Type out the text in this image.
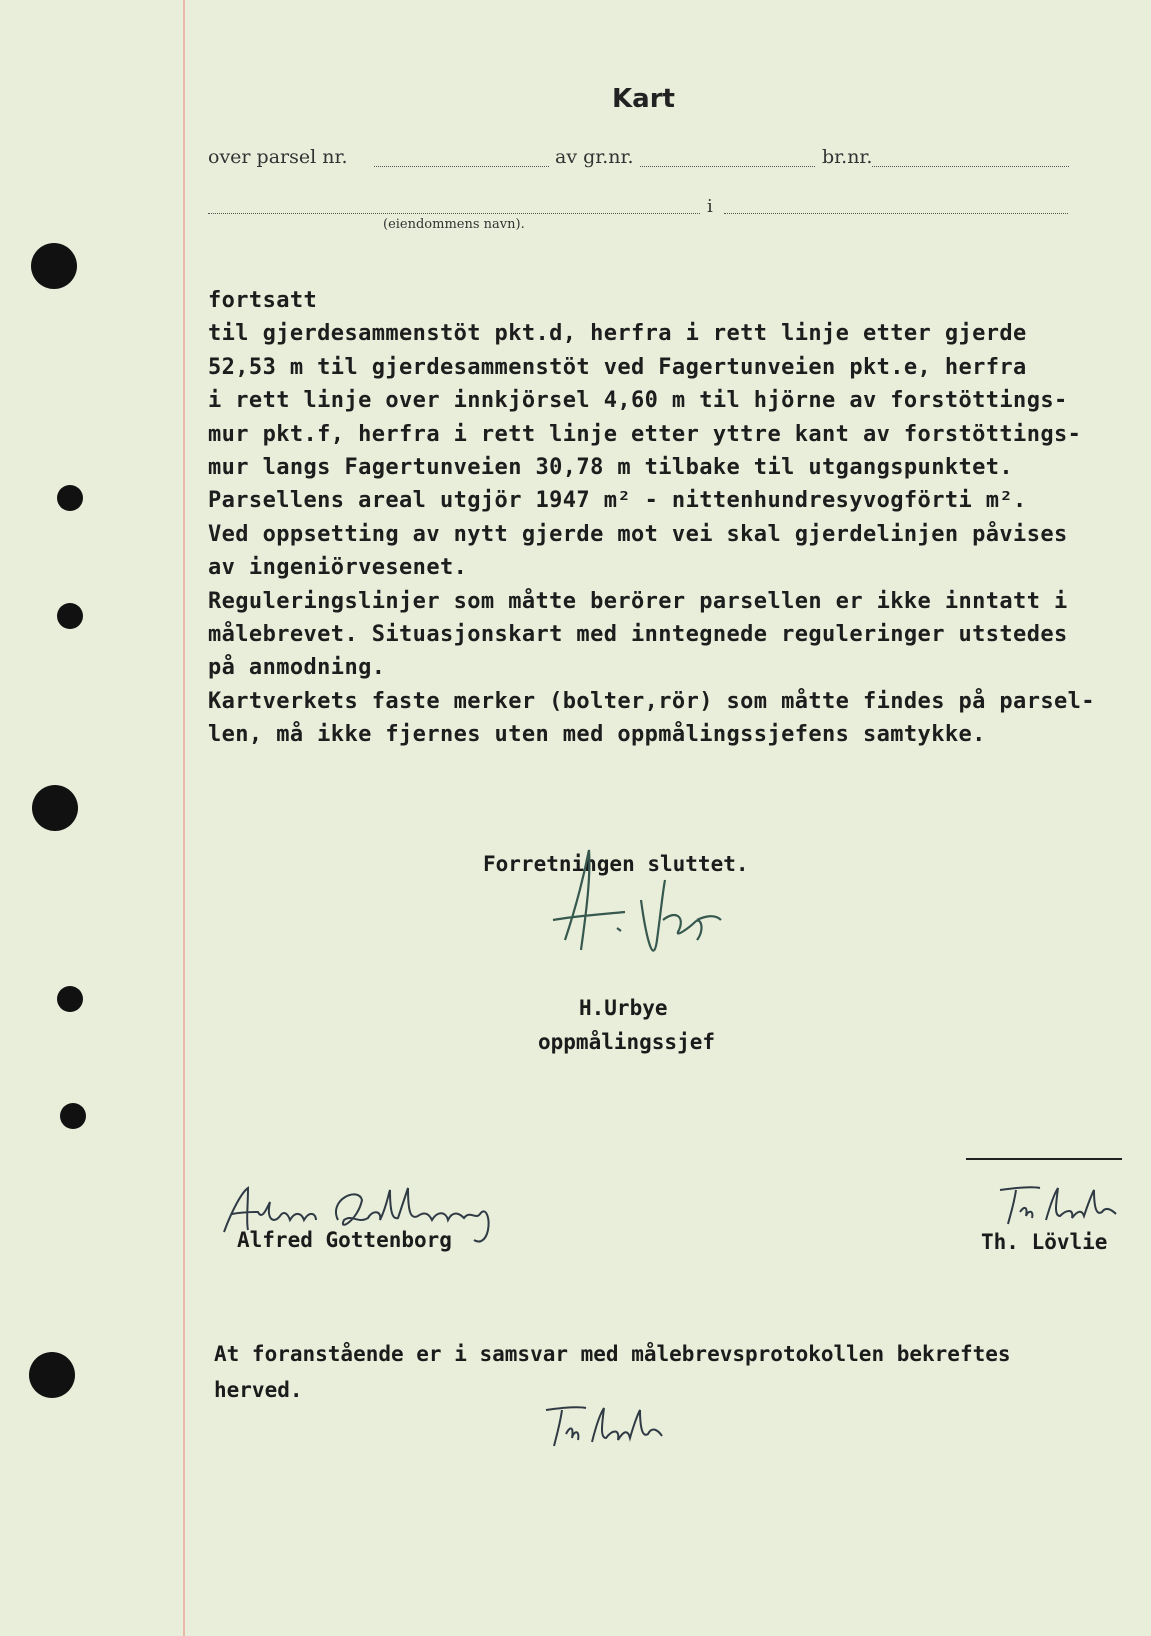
Kart
over parsel nr.	av gr.nr.	br.nr.
i
(eiendommens navn).
fortsatt
til gjerdesammenstöt pkt.d, herfra i rett linje etter gjerde
52,53 m til gjerdesammenstöt ved Fagertunveien pkt.e, herfra
i rett linje over innkjörsel 4,60 m til hjörne av forstöttings-
mur pkt.f, herfra i rett linje etter yttre kant av forstöttings-
mur langs Fagertunveien 30,78 m tilbake til utgangspunktet.
Parsellens areal utgjör 1947 m² - nittenhundresyvogförti m².
Ved oppsetting av nytt gjerde mot vei skal gjerdelinjen påvises
av ingeniörvesenet.
Reguleringslinjer som måtte berörer parsellen er ikke inntatt i
målebrevet. Situasjonskart med inntegnede reguleringer utstedes
på anmodning.
Kartverkets faste merker (bolter,rör) som måtte findes på parsel-
len, må ikke fjernes uten med oppmålingssjefens samtykke.
Forretningen sluttet.
H.Urbye
oppmålingssjef
Alfred Gottenborg	Th. Lövlie
At foranstående er i samsvar med målebrevsprotokollen bekreftes
herved.
